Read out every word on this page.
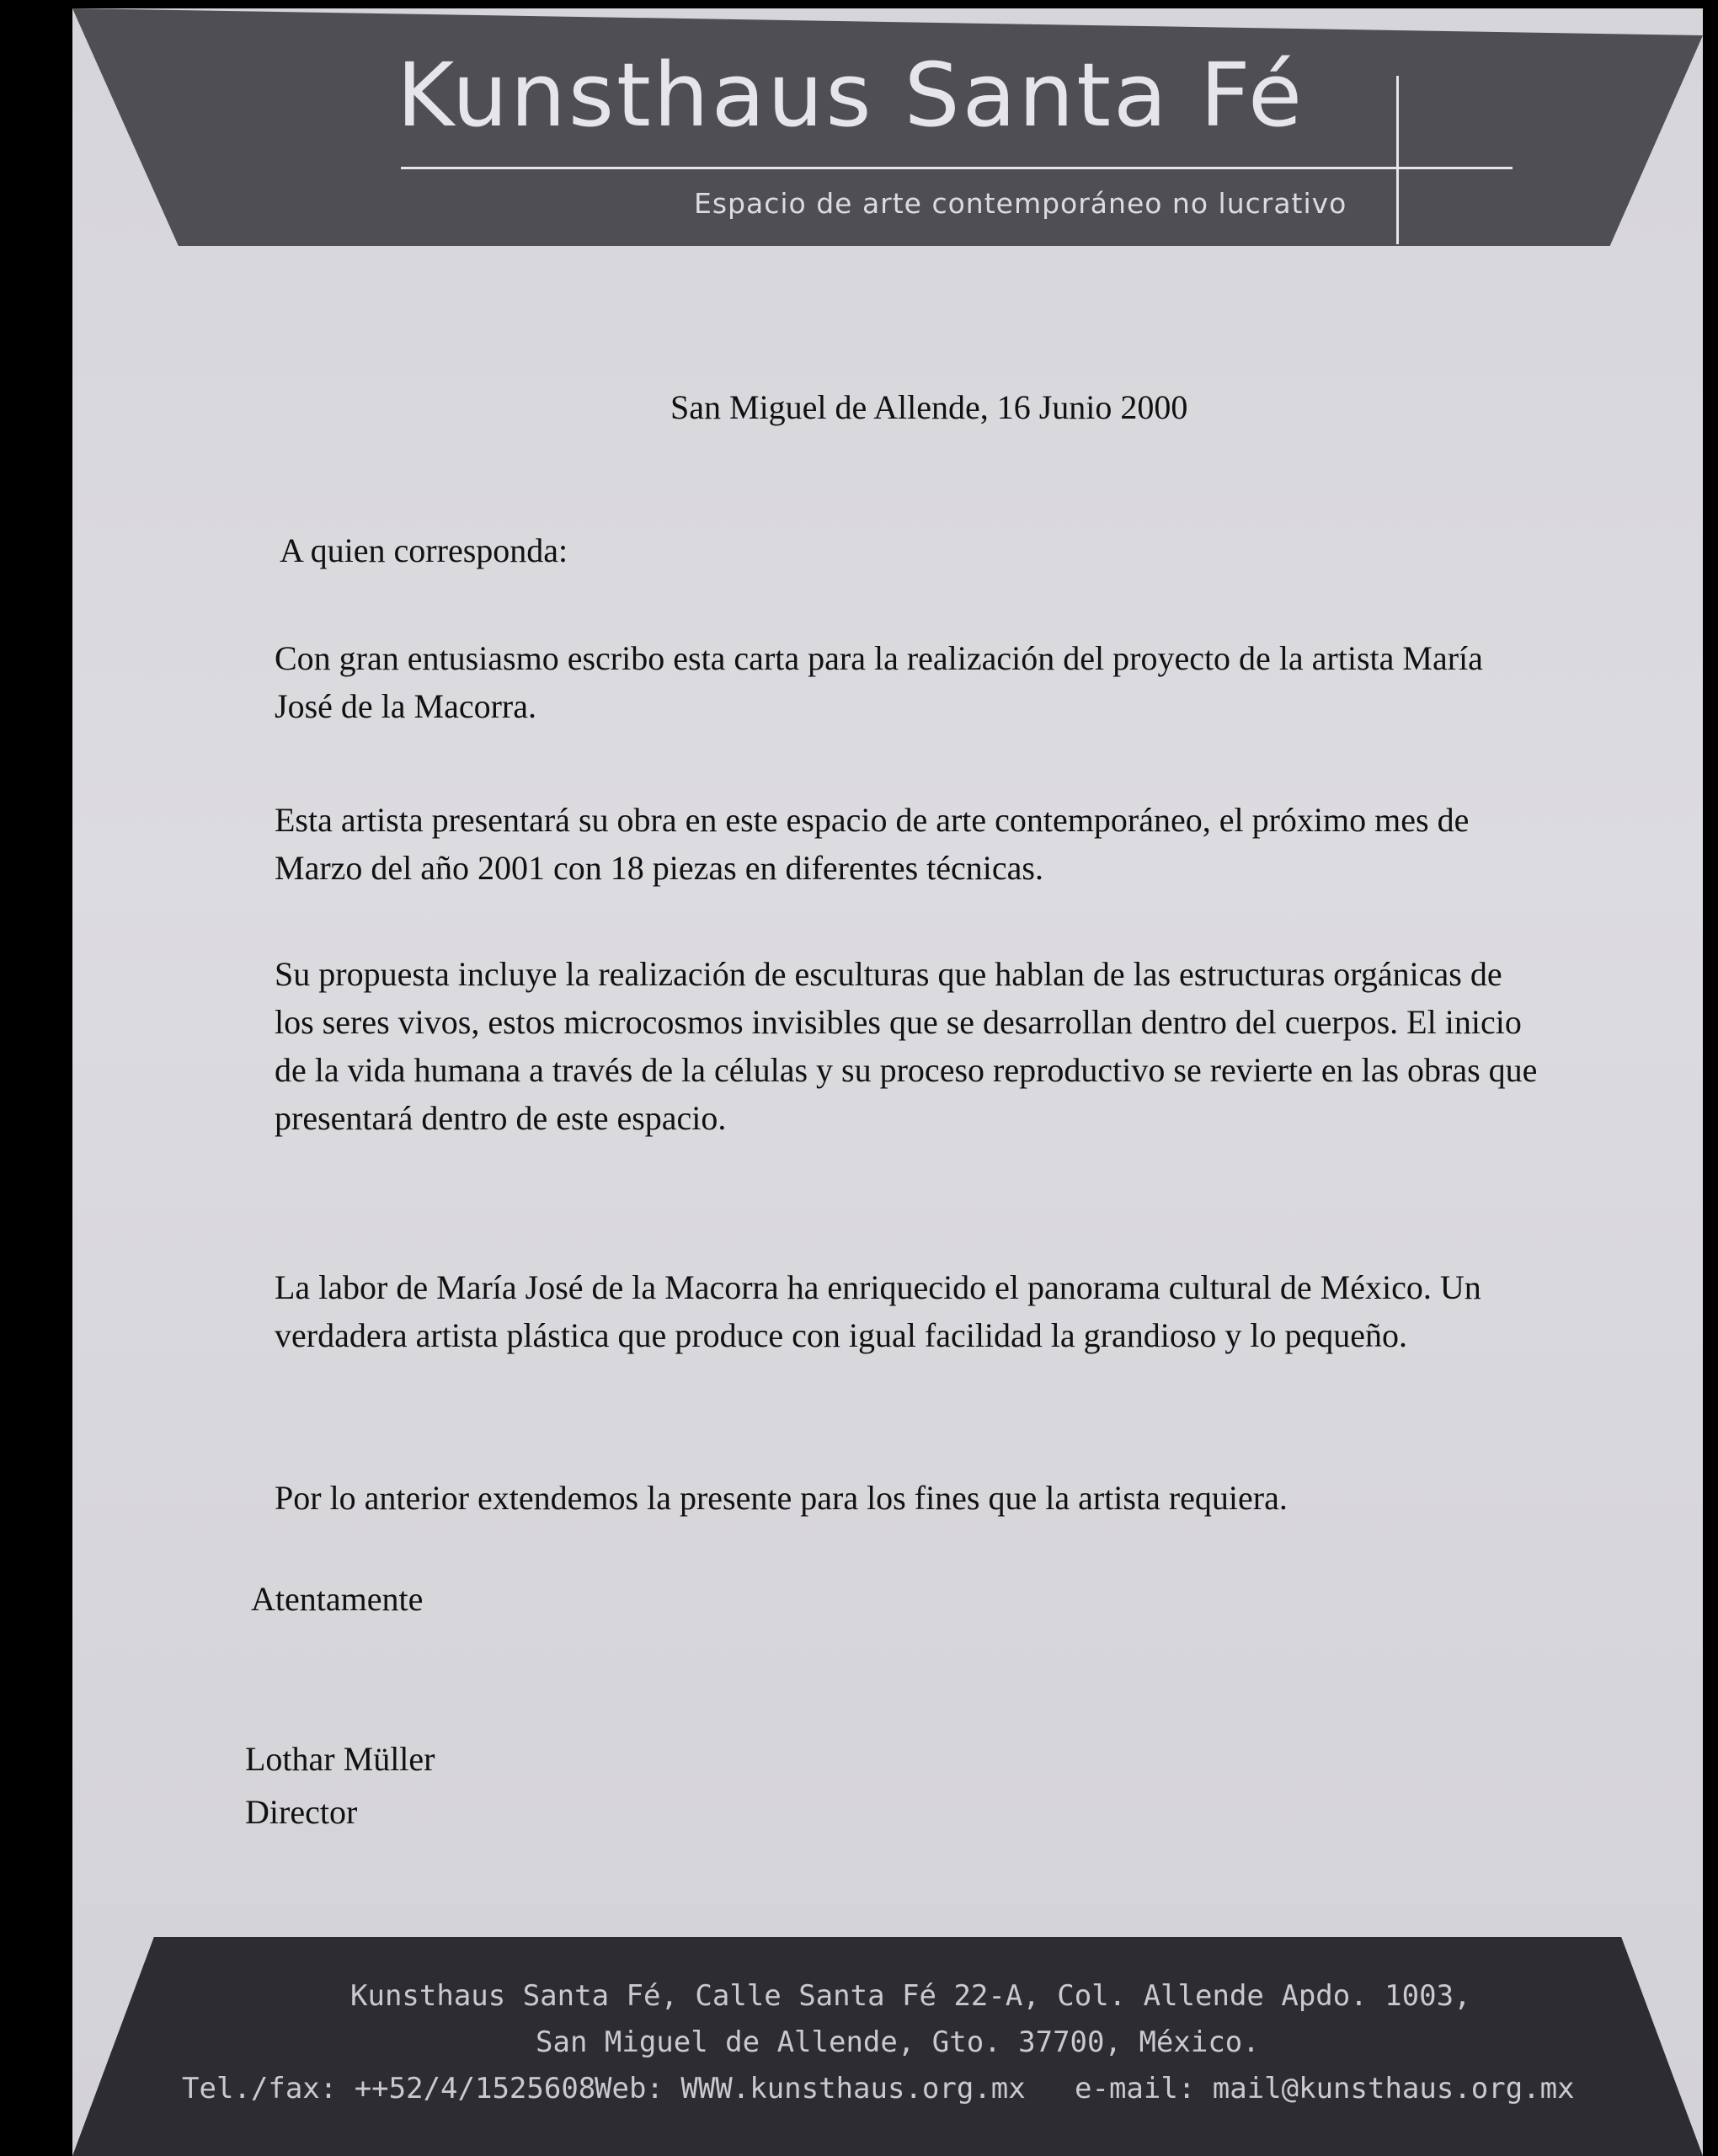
Kunsthaus Santa Fé
Espacio de arte contemporáneo no lucrativo
San Miguel de Allende, 16 Junio 2000
A quien corresponda:

Con gran entusiasmo escribo esta carta para la realización del proyecto de la artista María José de la Macorra.

Esta artista presentará su obra en este espacio de arte contemporáneo, el próximo mes de Marzo del año 2001 con 18 piezas en diferentes técnicas.

Su propuesta incluye la realización de esculturas que hablan de las estructuras orgánicas de los seres vivos, estos microcosmos invisibles que se desarrollan dentro del cuerpos. El inicio de la vida humana a través de la células y su proceso reproductivo se revierte en las obras que presentará dentro de este espacio.

La labor de María José de la Macorra ha enriquecido el panorama cultural de México. Un verdadera artista plástica que produce con igual facilidad la grandioso y lo pequeño.

Por lo anterior extendemos la presente para los fines que la artista requiera.

Atentamente
Lothar Müller
Director
Kunsthaus Santa Fé, Calle Santa Fé 22-A, Col. Allende Apdo. 1003,
San Miguel de Allende, Gto. 37700, México.
Tel./fax: ++52/4/1525608
Web: WWW.kunsthaus.org.mx e-mail: mail@kunsthaus.org.mx
